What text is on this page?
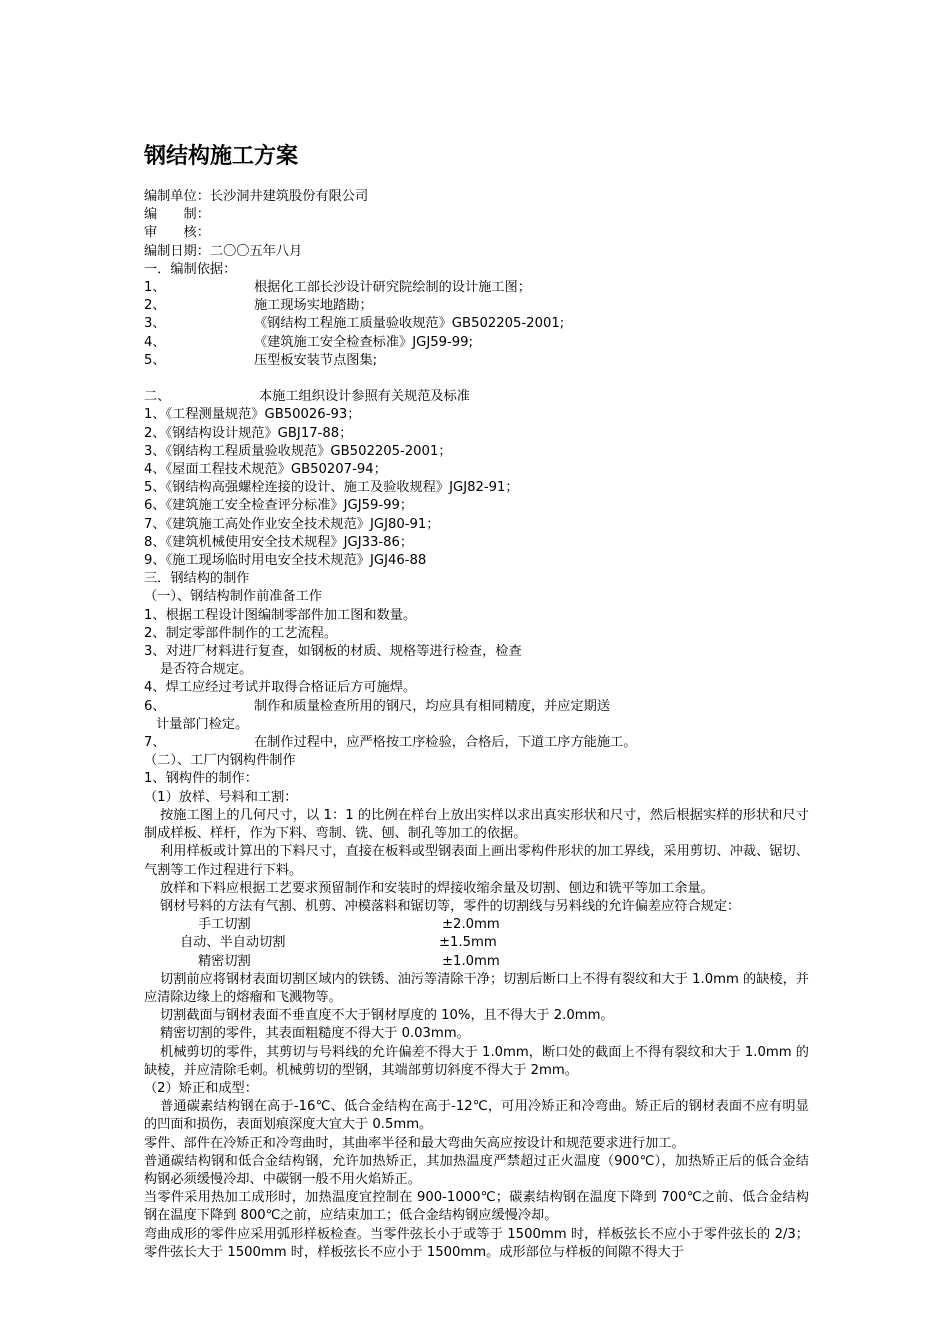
钢结构施工方案
编制单位：长沙洞井建筑股份有限公司
编　　制：
审　　核：
编制日期：二〇〇五年八月
一．编制依据：
1、	根据化工部长沙设计研究院绘制的设计施工图；
2、	施工现场实地踏勘；
3、	《钢结构工程施工质量验收规范》GB502205-2001;
4、	《建筑施工安全检查标准》JGJ59-99;
5、	压型板安装节点图集;
二、	本施工组织设计参照有关规范及标准
1、《工程测量规范》GB50026-93；
2、《钢结构设计规范》GBJ17-88；
3、《钢结构工程质量验收规范》GB502205-2001；
4、《屋面工程技术规范》GB50207-94；
5、《钢结构高强螺栓连接的设计、施工及验收规程》JGJ82-91；
6、《建筑施工安全检查评分标准》JGJ59-99；
7、《建筑施工高处作业安全技术规范》JGJ80-91；
8、《建筑机械使用安全技术规程》JGJ33-86；
9、《施工现场临时用电安全技术规范》JGJ46-88
三．钢结构的制作
（一）、钢结构制作前准备工作
1、根据工程设计图编制零部件加工图和数量。
2、制定零部件制作的工艺流程。
3、对进厂材料进行复查，如钢板的材质、规格等进行检查，检查
是否符合规定。
4、焊工应经过考试并取得合格证后方可施焊。
6、	制作和质量检查所用的钢尺，均应具有相同精度，并应定期送
计量部门检定。
7、	在制作过程中，应严格按工序检验，合格后，下道工序方能施工。
（二）、工厂内钢构件制作
1、钢构件的制作：
（1）放样、号料和工割：
按施工图上的几何尺寸，以 1：1 的比例在样台上放出实样以求出真实形状和尺寸，然后根据实样的形状和尺寸制成样板、样杆，作为下料、弯制、铣、刨、制孔等加工的依据。
利用样板或计算出的下料尺寸，直接在板料或型钢表面上画出零构件形状的加工界线，采用剪切、冲裁、锯切、气割等工作过程进行下料。
放样和下料应根据工艺要求预留制作和安装时的焊接收缩余量及切割、刨边和铣平等加工余量。
钢材号料的方法有气割、机剪、冲模落料和锯切等，零件的切割线与另料线的允许偏差应符合规定：
手工切割	±2.0mm
自动、半自动切割	±1.5mm
精密切割	±1.0mm
切割前应将钢材表面切割区域内的铁锈、油污等清除干净；切割后断口上不得有裂纹和大于 1.0mm 的缺棱，并应清除边缘上的熔瘤和飞溅物等。
切割截面与钢材表面不垂直度不大于钢材厚度的 10%，且不得大于 2.0mm。
精密切割的零件，其表面粗糙度不得大于 0.03mm。
机械剪切的零件，其剪切与号料线的允许偏差不得大于 1.0mm，断口处的截面上不得有裂纹和大于 1.0mm 的缺棱，并应清除毛刺。机械剪切的型钢，其端部剪切斜度不得大于 2mm。
（2）矫正和成型：
普通碳素结构钢在高于-16℃、低合金结构在高于-12℃，可用冷矫正和冷弯曲。矫正后的钢材表面不应有明显的凹面和损伤，表面划痕深度大宜大于 0.5mm。
零件、部件在冷矫正和冷弯曲时，其曲率半径和最大弯曲矢高应按设计和规范要求进行加工。
普通碳结构钢和低合金结构钢，允许加热矫正，其加热温度严禁超过正火温度（900℃），加热矫正后的低合金结构钢必须缓慢冷却、中碳钢一般不用火焰矫正。
当零件采用热加工成形时，加热温度宜控制在 900-1000℃；碳素结构钢在温度下降到 700℃之前、低合金结构钢在温度下降到 800℃之前，应结束加工；低合金结构钢应缓慢冷却。
弯曲成形的零件应采用弧形样板检查。当零件弦长小于或等于 1500mm 时，样板弦长不应小于零件弦长的 2/3；零件弦长大于 1500mm 时，样板弦长不应小于 1500mm。成形部位与样板的间隙不得大于
